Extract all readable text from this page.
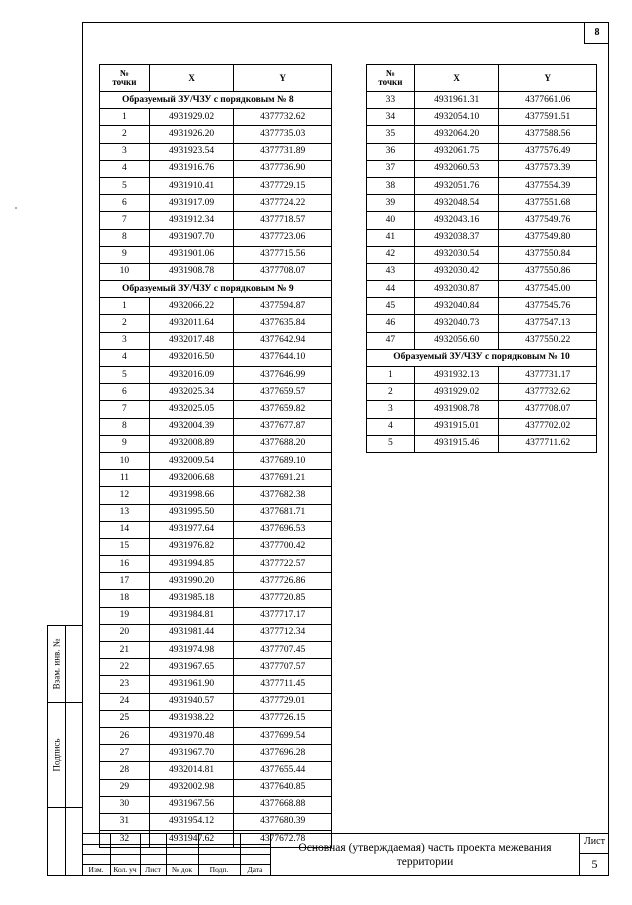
8
№
точки	X	Y
Образуемый ЗУ/ЧЗУ с порядковым № 8		
1	4931929.02	4377732.62
2	4931926.20	4377735.03
3	4931923.54	4377731.89
4	4931916.76	4377736.90
5	4931910.41	4377729.15
6	4931917.09	4377724.22
7	4931912.34	4377718.57
8	4931907.70	4377723.06
9	4931901.06	4377715.56
10	4931908.78	4377708.07
Образуемый ЗУ/ЧЗУ с порядковым № 9		
1	4932066.22	4377594.87
2	4932011.64	4377635.84
3	4932017.48	4377642.94
4	4932016.50	4377644.10
5	4932016.09	4377646.99
6	4932025.34	4377659.57
7	4932025.05	4377659.82
8	4932004.39	4377677.87
9	4932008.89	4377688.20
10	4932009.54	4377689.10
11	4932006.68	4377691.21
12	4931998.66	4377682.38
13	4931995.50	4377681.71
14	4931977.64	4377696.53
15	4931976.82	4377700.42
16	4931994.85	4377722.57
17	4931990.20	4377726.86
18	4931985.18	4377720.85
19	4931984.81	4377717.17
20	4931981.44	4377712.34
21	4931974.98	4377707.45
22	4931967.65	4377707.57
23	4931961.90	4377711.45
24	4931940.57	4377729.01
25	4931938.22	4377726.15
26	4931970.48	4377699.54
27	4931967.70	4377696.28
28	4932014.81	4377655.44
29	4932002.98	4377640.85
30	4931967.56	4377668.88
31	4931954.12	4377680.39
32	4931947.62	4377672.78
№
точки	X	Y
33	4931961.31	4377661.06
34	4932054.10	4377591.51
35	4932064.20	4377588.56
36	4932061.75	4377576.49
37	4932060.53	4377573.39
38	4932051.76	4377554.39
39	4932048.54	4377551.68
40	4932043.16	4377549.76
41	4932038.37	4377549.80
42	4932030.54	4377550.84
43	4932030.42	4377550.86
44	4932030.87	4377545.00
45	4932040.84	4377545.76
46	4932040.73	4377547.13
47	4932056.60	4377550.22
Образуемый ЗУ/ЧЗУ с порядковым № 10		
1	4931932.13	4377731.17
2	4931929.02	4377732.62
3	4931908.78	4377708.07
4	4931915.01	4377702.02
5	4931915.46	4377711.62
Взам. инв. №
Подпись
Изм.	Кол. уч	Лист	№ док	Подп.	Дата
Основная (утверждаемая) часть проекта межевания
территории
Лист
5
